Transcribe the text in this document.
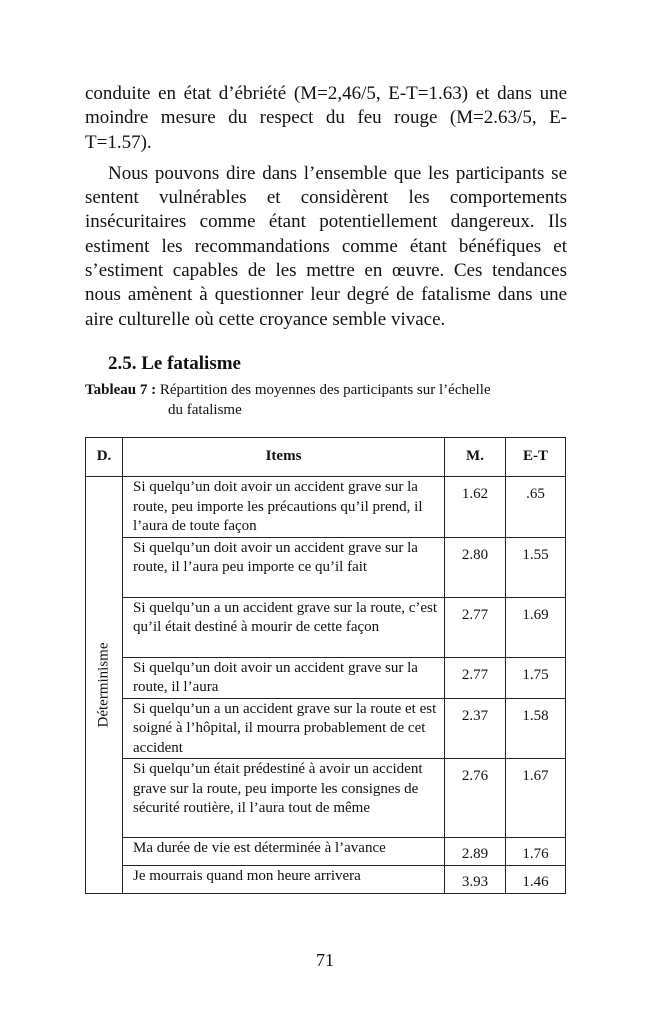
conduite en état d’ébriété (M=2,46/5, E-T=1.63) et dans une moindre mesure du respect du feu rouge (M=2.63/5, E-T=1.57).

Nous pouvons dire dans l’ensemble que les participants se sentent vulnérables et considèrent les comportements insécuritaires comme étant potentiellement dangereux. Ils estiment les recommandations comme étant bénéfiques et s’estiment capables de les mettre en œuvre. Ces tendances nous amènent à questionner leur degré de fatalisme dans une aire culturelle où cette croyance semble vivace.

2.5. Le fatalisme
Tableau 7 : Répartition des moyennes des participants sur l’échelle
du fatalisme
D.	Items	M.	E-T

Déterminisme	Si quelqu’un doit avoir un accident grave sur la route, peu importe les précautions qu’il prend, il l’aura de toute façon	1.62	.65
	Si quelqu’un doit avoir un accident grave sur la route, il l’aura peu importe ce qu’il fait	2.80	1.55
	Si quelqu’un a un accident grave sur la route, c’est qu’il était destiné à mourir de cette façon	2.77	1.69
	Si quelqu’un doit avoir un accident grave sur la route, il l’aura	2.77	1.75
	Si quelqu’un a un accident grave sur la route et est soigné à l’hôpital, il mourra probablement de cet accident	2.37	1.58
	Si quelqu’un était prédestiné à avoir un accident grave sur la route, peu importe les consignes de sécurité routière, il l’aura tout de même	2.76	1.67
	Ma durée de vie est déterminée à l’avance	2.89	1.76
	Je mourrais quand mon heure arrivera	3.93	1.46
71
